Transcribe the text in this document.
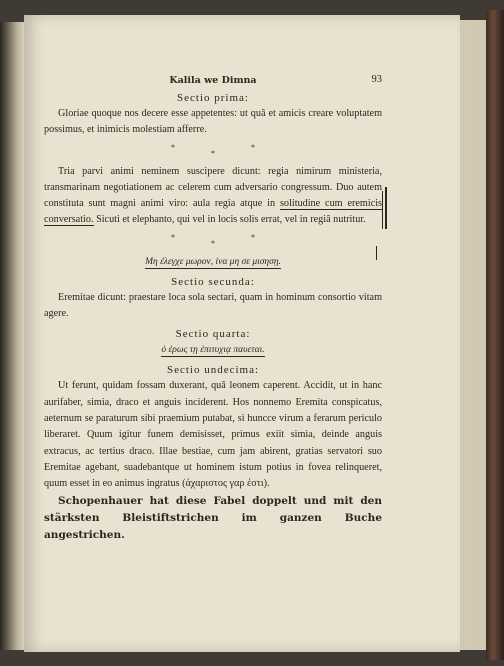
Kalila we Dimna	93
Sectio prima:

Gloriae quoque nos decere esse appetentes: ut quâ et amicis creare voluptatem possimus, et inimicis molestiam afferre.

*
*
*

Tria parvi animi neminem suscipere dicunt: regia nimirum ministeria, transmarinam negotiationem ac celerem cum adversario congressum. Duo autem constituta sunt magni animi viro: aula regia atque in solitudine cum eremicis conversatio. Sicuti et elephanto, qui vel in locis solis errat, vel in regiâ nutritur.

*
*
*
Μη ἐλεγχε μωρον, ἱνα μη σε μισησῃ.
Sectio secunda:

Eremitae dicunt: praestare loca sola sectari, quam in hominum consortio vitam agere.

Sectio quarta:
ὁ ἐρως τῃ ἐπιτυχιᾳ παυεται.
Sectio undecima:

Ut ferunt, quidam fossam duxerant, quâ leonem caperent. Accidit, ut in hanc aurifaber, simia, draco et anguis inciderent. Hos nonnemo Eremita conspicatus, aeternum se paraturum sibi praemium putabat, si huncce virum a ferarum periculo liberaret. Quum igitur funem demisisset, primus exiit simia, deinde anguis extracus, ac tertius draco. Illae bestiae, cum jam abirent, gratias servatori suo Eremitae agebant, suadebantque ut hominem istum potius in fovea relinqueret, quum esset in eo animus ingratus (ἀχαριστος γαρ ἐστι).

Schopenhauer hat diese Fabel doppelt und mit den stärksten Bleistiftstrichen im ganzen Buche angestrichen.
